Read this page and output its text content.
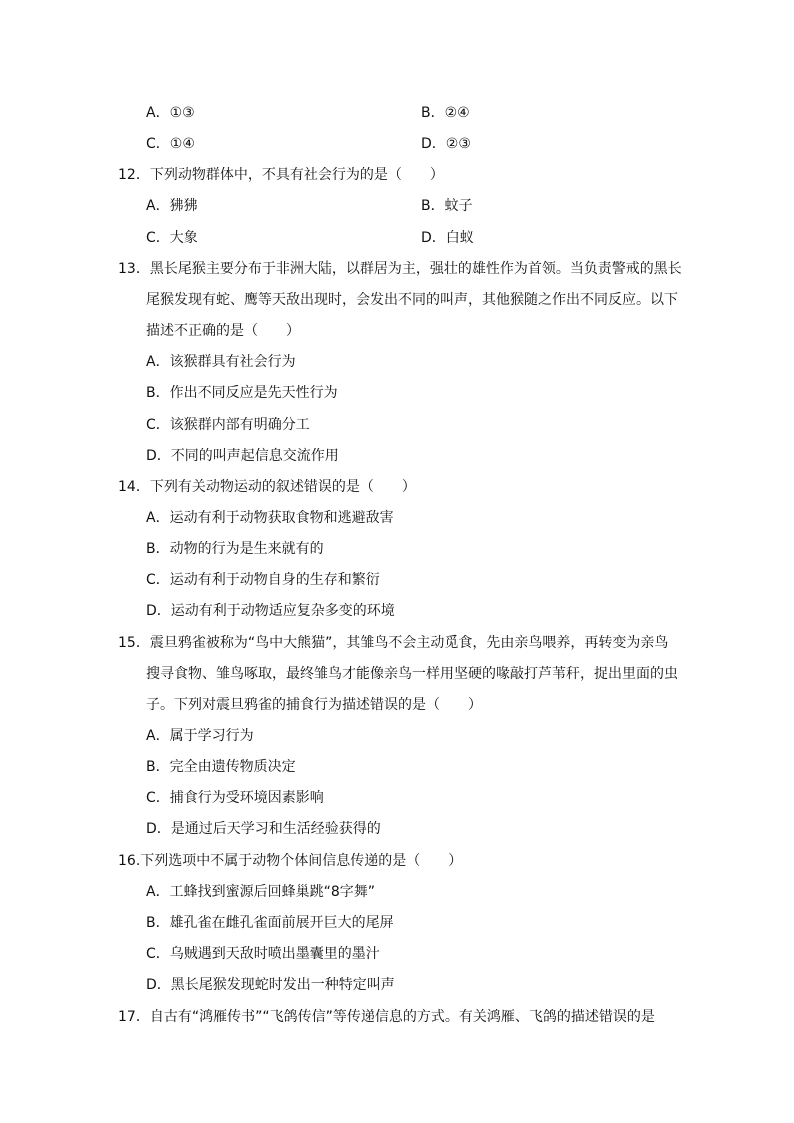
A．①③	B．②④
C．①④	D．②③
12．下列动物群体中，不具有社会行为的是（　　）
A．狒狒	B．蚊子
C．大象	D．白蚁
13．黑长尾猴主要分布于非洲大陆，以群居为主，强壮的雄性作为首领。当负责警戒的黑长
尾猴发现有蛇、鹰等天敌出现时，会发出不同的叫声，其他猴随之作出不同反应。以下
描述不正确的是（　　）
A．该猴群具有社会行为
B．作出不同反应是先天性行为
C．该猴群内部有明确分工
D．不同的叫声起信息交流作用
14．下列有关动物运动的叙述错误的是（　　）
A．运动有利于动物获取食物和逃避敌害
B．动物的行为是生来就有的
C．运动有利于动物自身的生存和繁衍
D．运动有利于动物适应复杂多变的环境
15．震旦鸦雀被称为“鸟中大熊猫”，其雏鸟不会主动觅食，先由亲鸟喂养，再转变为亲鸟
搜寻食物、雏鸟啄取，最终雏鸟才能像亲鸟一样用坚硬的喙敲打芦苇秆，捉出里面的虫
子。下列对震旦鸦雀的捕食行为描述错误的是（　　）
A．属于学习行为
B．完全由遗传物质决定
C．捕食行为受环境因素影响
D．是通过后天学习和生活经验获得的
16.下列选项中不属于动物个体间信息传递的是（　　）
A．工蜂找到蜜源后回蜂巢跳“8字舞”
B．雄孔雀在雌孔雀面前展开巨大的尾屏
C．乌贼遇到天敌时喷出墨囊里的墨汁
D．黑长尾猴发现蛇时发出一种特定叫声
17．自古有“鸿雁传书”“飞鸽传信”等传递信息的方式。有关鸿雁、飞鸽的描述错误的是
